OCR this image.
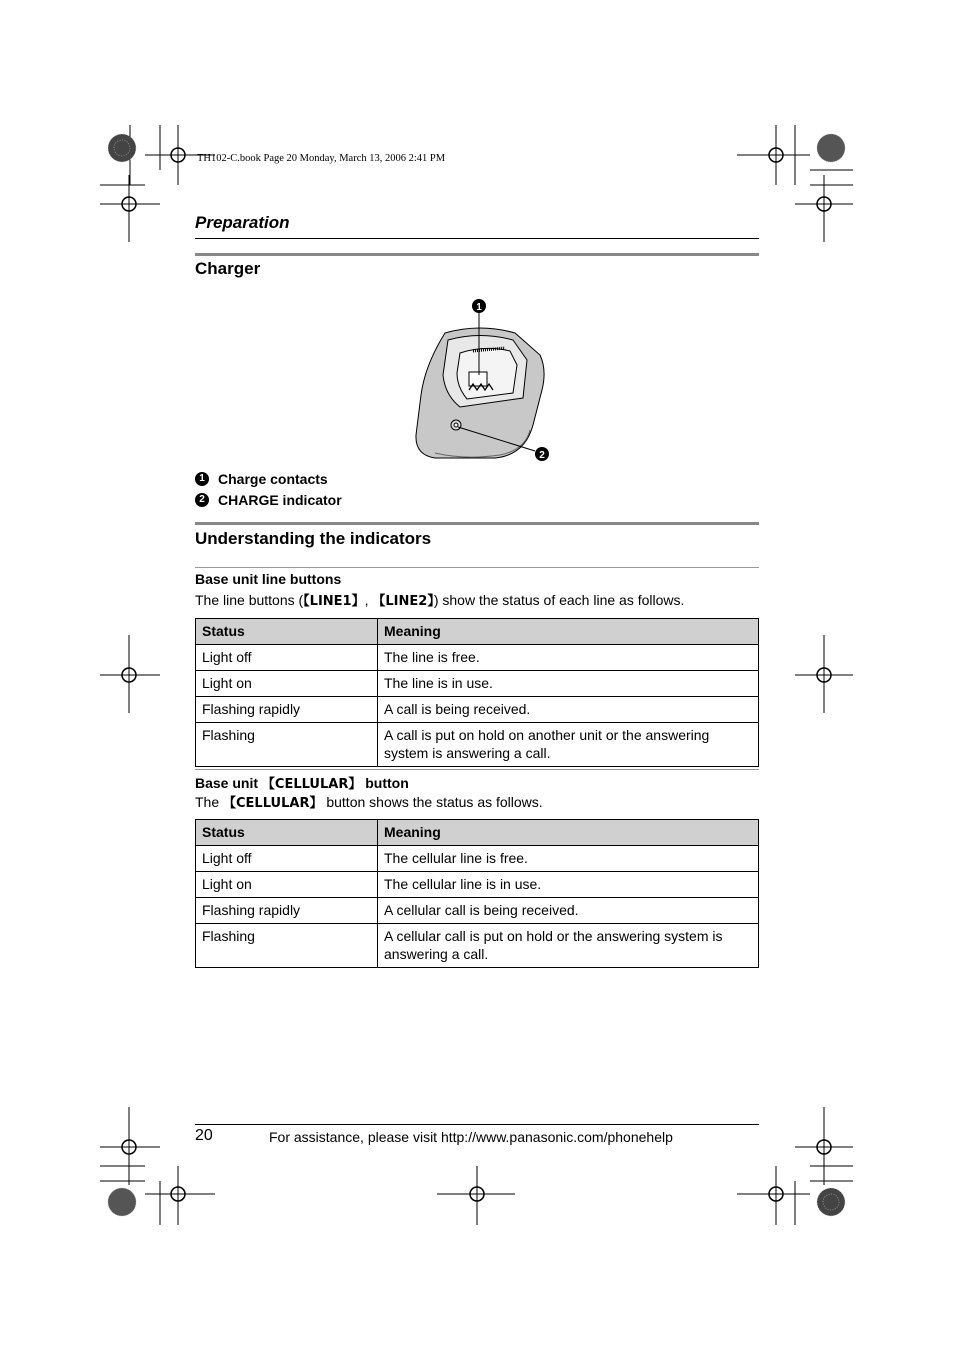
TH102-C.book Page 20 Monday, March 13, 2006 2:41 PM
Preparation
Charger
1
2
1 Charge contacts
2 CHARGE indicator
Understanding the indicators
Base unit line buttons
The line buttons (【LINE1】, 【LINE2】) show the status of each line as follows.
Status	Meaning
Light off	The line is free.
Light on	The line is in use.
Flashing rapidly	A call is being received.
Flashing	A call is put on hold on another unit or the answering system is answering a call.
Base unit 【CELLULAR】 button
The 【CELLULAR】 button shows the status as follows.
Status	Meaning
Light off	The cellular line is free.
Light on	The cellular line is in use.
Flashing rapidly	A cellular call is being received.
Flashing	A cellular call is put on hold or the answering system is answering a call.
20	For assistance, please visit http://www.panasonic.com/phonehelp
